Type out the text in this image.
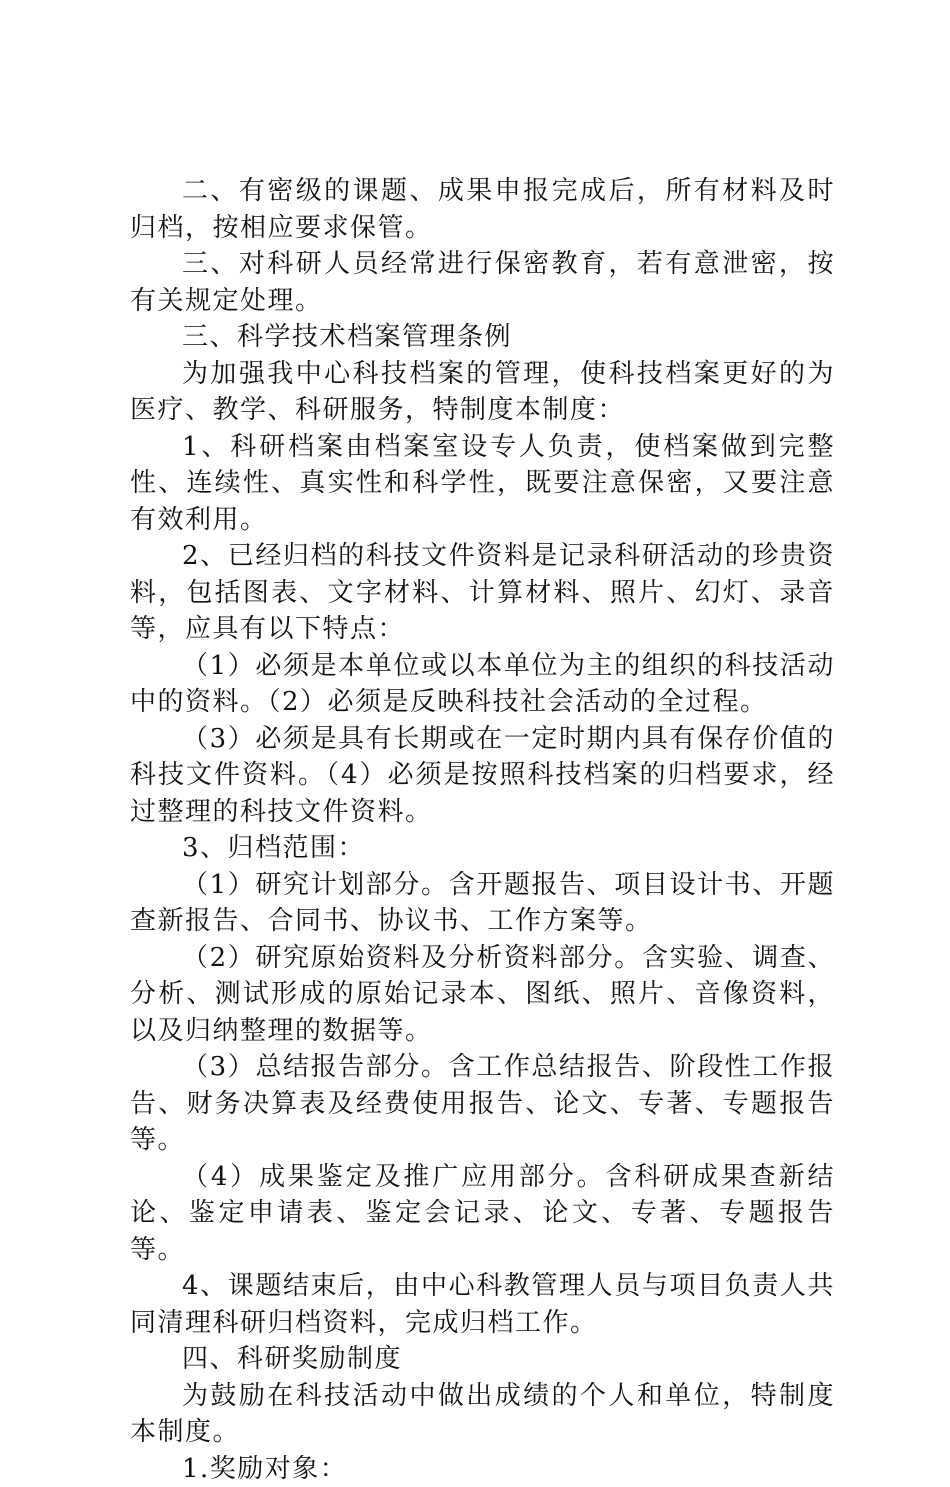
二、有密级的课题、成果申报完成后，所有材料及时归档，按相应要求保管。

三、对科研人员经常进行保密教育，若有意泄密，按有关规定处理。

三、科学技术档案管理条例

为加强我中心科技档案的管理，使科技档案更好的为医疗、教学、科研服务，特制度本制度：

1、科研档案由档案室设专人负责，使档案做到完整性、连续性、真实性和科学性，既要注意保密，又要注意有效利用。

2、已经归档的科技文件资料是记录科研活动的珍贵资料，包括图表、文字材料、计算材料、照片、幻灯、录音等，应具有以下特点：

（1）必须是本单位或以本单位为主的组织的科技活动中的资料。（2）必须是反映科技社会活动的全过程。

（3）必须是具有长期或在一定时期内具有保存价值的科技文件资料。（4）必须是按照科技档案的归档要求，经过整理的科技文件资料。

3、归档范围：

（1）研究计划部分。含开题报告、项目设计书、开题查新报告、合同书、协议书、工作方案等。

（2）研究原始资料及分析资料部分。含实验、调查、分析、测试形成的原始记录本、图纸、照片、音像资料，以及归纳整理的数据等。

（3）总结报告部分。含工作总结报告、阶段性工作报告、财务决算表及经费使用报告、论文、专著、专题报告等。

（4）成果鉴定及推广应用部分。含科研成果查新结论、鉴定申请表、鉴定会记录、论文、专著、专题报告等。

4、课题结束后，由中心科教管理人员与项目负责人共同清理科研归档资料，完成归档工作。

四、科研奖励制度

为鼓励在科技活动中做出成绩的个人和单位，特制度本制度。

1.奖励对象：
